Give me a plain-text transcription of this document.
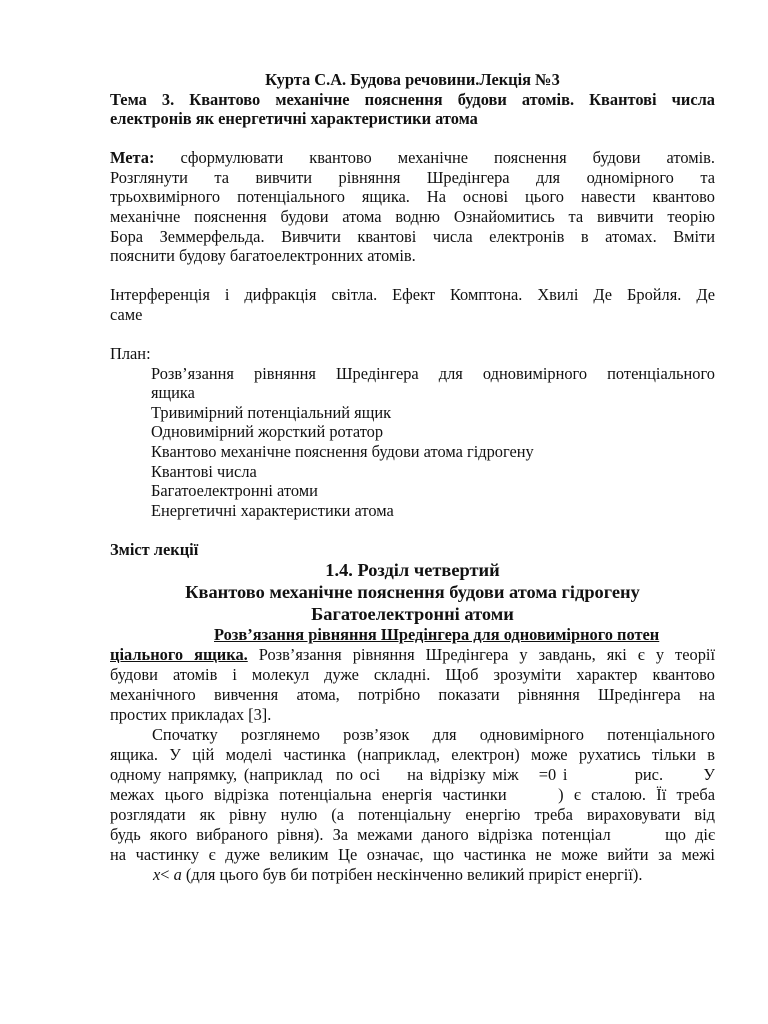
Курта С.А. Будова речовини.Лекція №3
Тема 3. Квантово механічне пояснення будови атомів. Квантові числа
електронів як енергетичні характеристики атома
Мета: сформулювати квантово механічне пояснення будови атомів.
Розглянути та вивчити рівняння Шредінгера для одномірного та
трьохвимірного потенціального ящика. На основі цього навести квантово
механічне пояснення будови атома водню Ознайомитись та вивчити теорію
Бора Земмерфельда. Вивчити квантові числа електронів в атомах. Вміти
пояснити будову багатоелектронних атомів.
Інтерференція і дифракція світла. Ефект Комптона. Хвилі Де Бройля. Де
саме
План:
Розв’язання рівняння Шредінгера для одновимірного потенціального
ящика
Тривимірний потенціальний ящик
Одновимірний жорсткий ротатор
Квантово механічне пояснення будови атома гідрогену
Квантові числа
Багатоелектронні атоми
Енергетичні характеристики атома
Зміст лекції
1.4. Розділ четвертий
Квантово механічне пояснення будови атома гідрогену
Багатоелектронні атоми
Розв’язання рівняння Шредінгера для одновимірного потен
ціального ящика. Розв’язання рівняння Шредінгера у завдань, які є у теорії
будови атомів і молекул дуже складні. Щоб зрозуміти характер квантово
механічного вивчення атома, потрібно показати рівняння Шредінгера на
простих прикладах [3].
Спочатку розглянемо розв’язок для одновимірного потенціального
ящика. У цій моделі частинка (наприклад, електрон) може рухатись тільки в
одному напрямку, (наприклад  по осі    на відрізку між   =0 і          рис.      У
межах цього відрізка потенціальна енергія частинки     ) є сталою. Її треба
розглядати як рівну нулю (а потенціальну енергію треба вираховувати від
будь якого вибраного рівня). За межами даного відрізка потенціал      що діє
на частинку є дуже великим Це означає, що частинка не може вийти за межі
x< a (для цього був би потрібен нескінченно великий приріст енергії).
